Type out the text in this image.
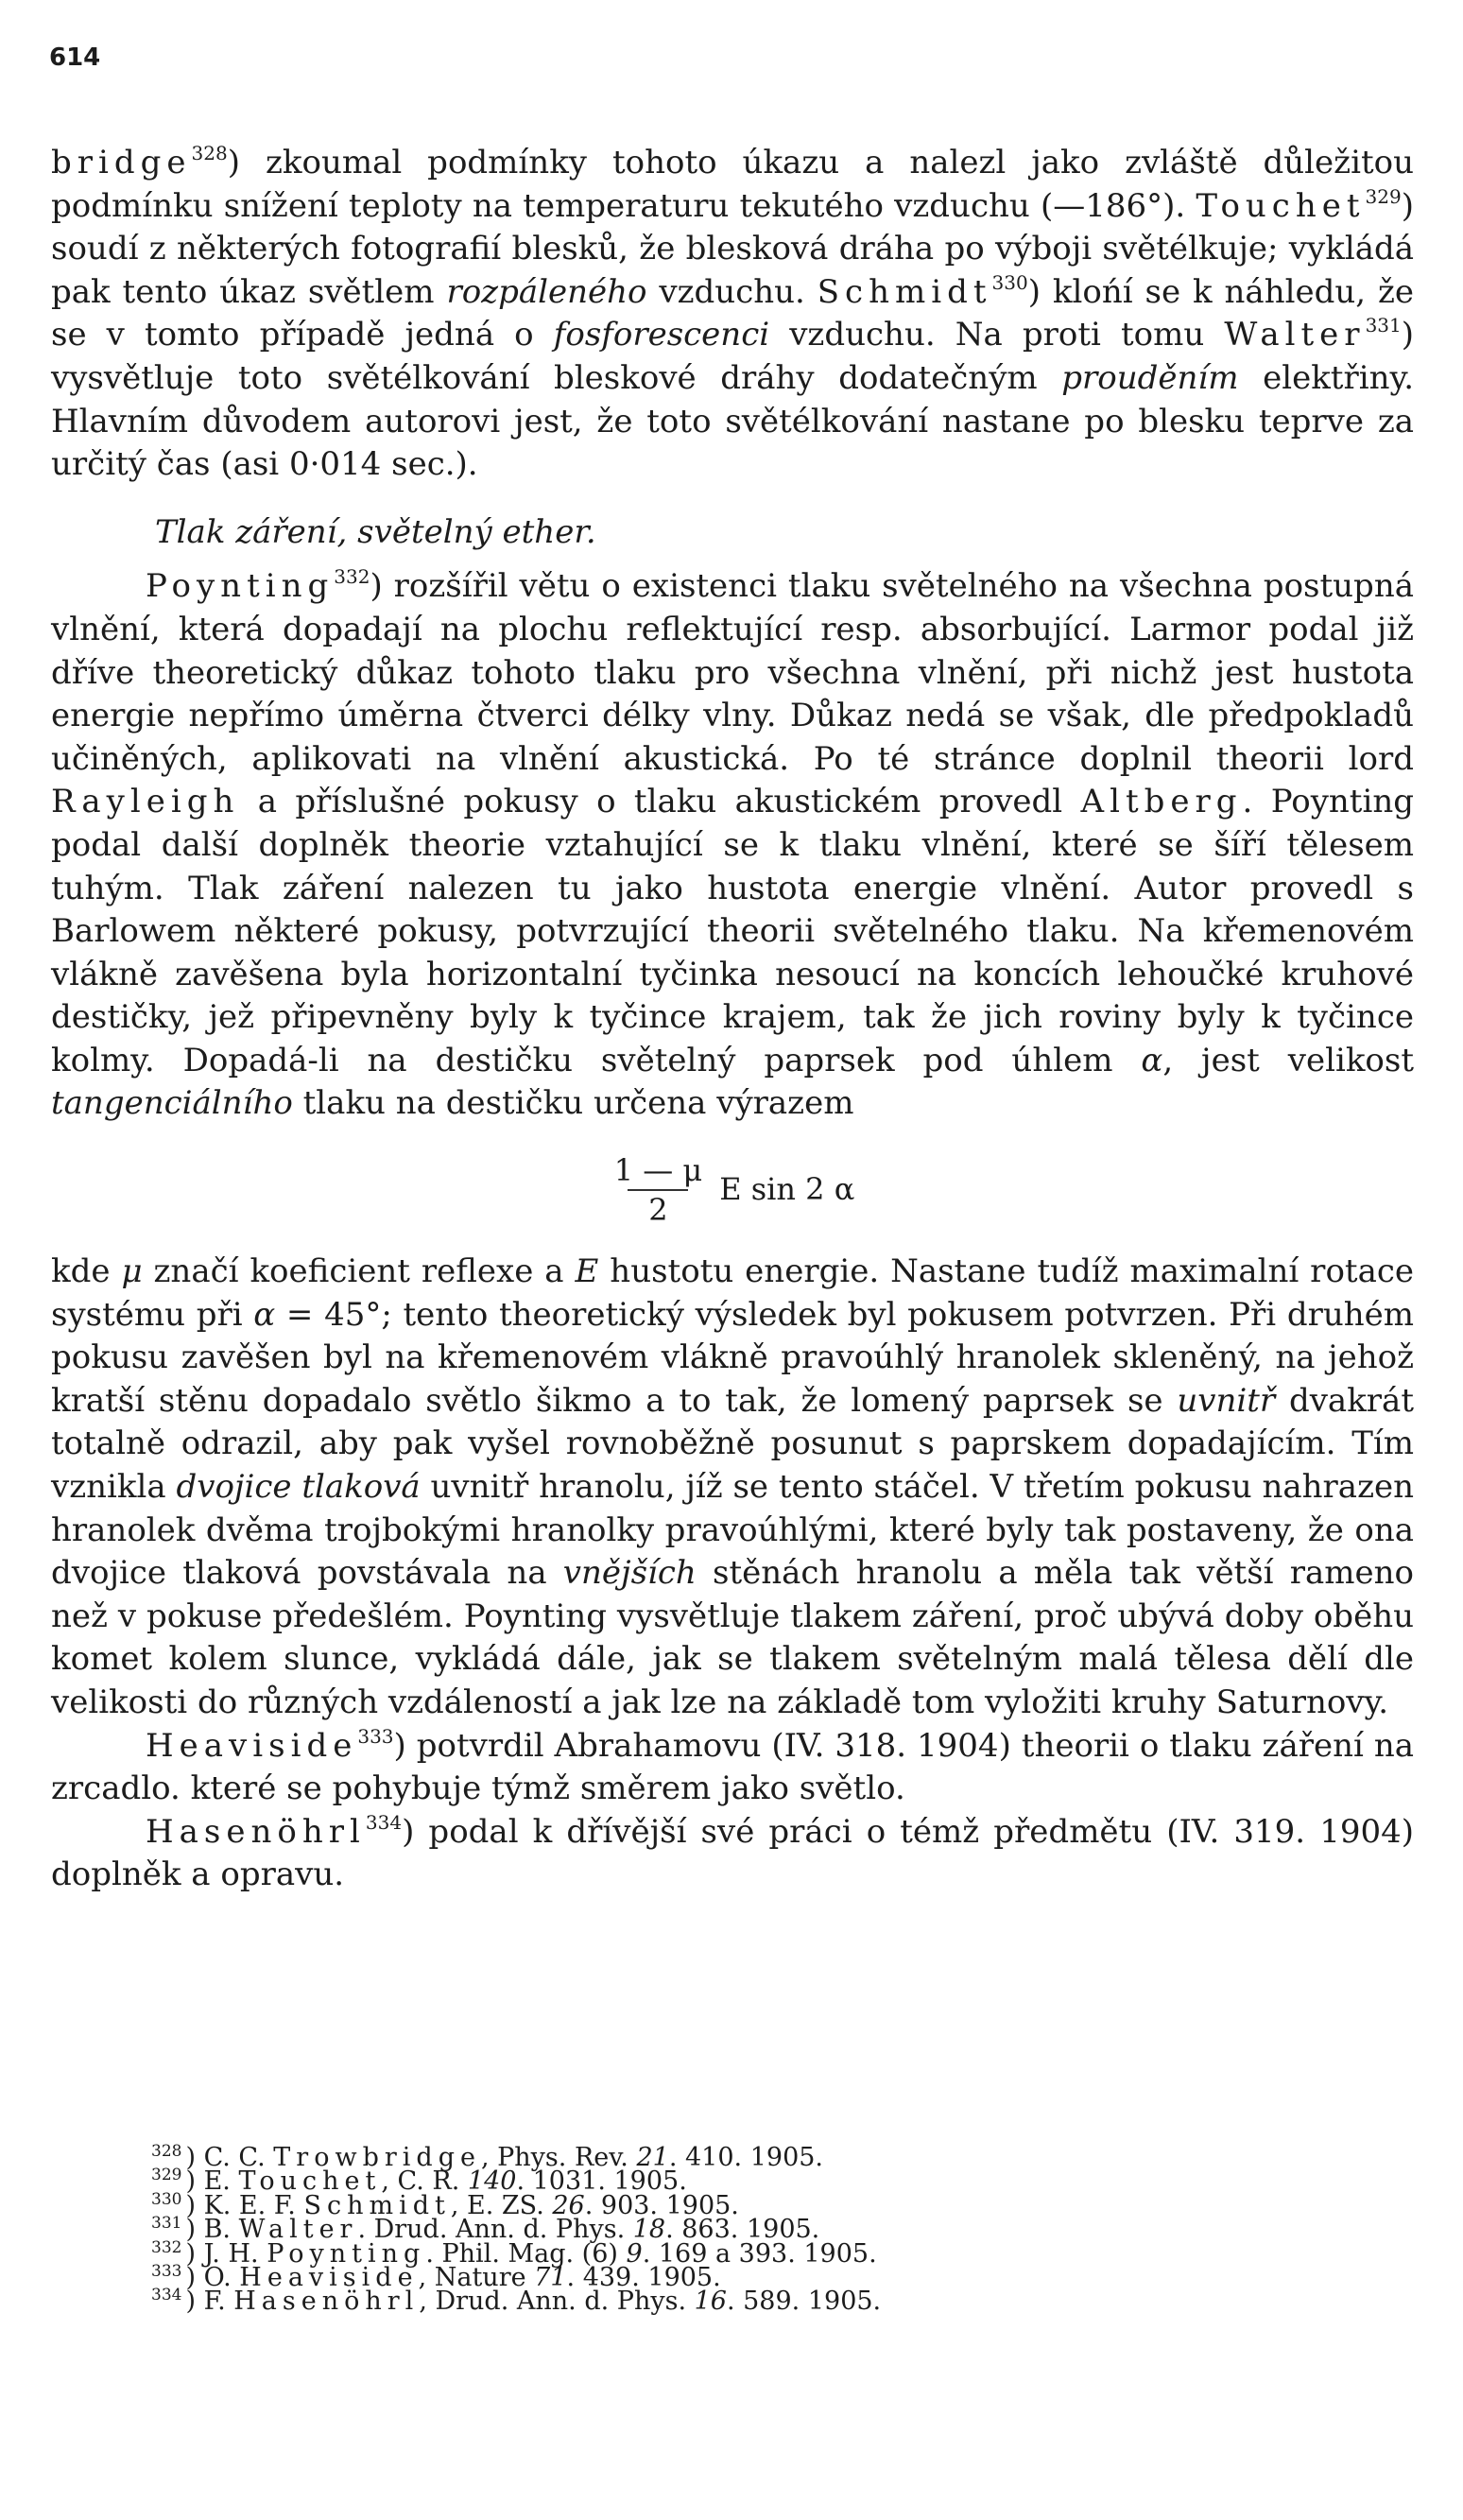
614

bridge$^{328}$) zkoumal podmínky tohoto úkazu a nalezl jako zvláště důležitou podmínku snížení teploty na temperaturu tekutého vzduchu (—186°). Touchet$^{329}$) soudí z některých fotografií blesků, že blesková dráha po výboji světélkuje; vykládá pak tento úkaz světlem rozpáleného vzduchu. Schmidt$^{330}$) klońí se k náhledu, že se v tomto případě jedná o fosforescenci vzduchu. Na proti tomu Walter$^{331}$) vysvětluje toto světélkování bleskové dráhy dodatečným prouděním elektřiny. Hlavním důvodem autorovi jest, že toto světélkování nastane po blesku teprve za určitý čas (asi 0·014 sec.).

Tlak záření, světelný ether.

Poynting$^{332}$) rozšířil větu o existenci tlaku světelného na všechna postupná vlnění, která dopadají na plochu reflektující resp. absorbující. Larmor podal již dříve theoretický důkaz tohoto tlaku pro všechna vlnění, při nichž jest hustota energie nepřímo úměrna čtverci délky vlny. Důkaz nedá se však, dle předpokladů učiněných, aplikovati na vlnění akustická. Po té stránce doplnil theorii lord Rayleigh a příslušné pokusy o tlaku akustickém provedl Altberg. Poynting podal další doplněk theorie vztahující se k tlaku vlnění, které se šíří tělesem tuhým. Tlak záření nalezen tu jako hustota energie vlnění. Autor provedl s Barlowem některé pokusy, potvrzující theorii světelného tlaku. Na křemenovém vlákně zavěšena byla horizontalní tyčinka nesoucí na koncích lehoučké kruhové destičky, jež připevněny byly k tyčince krajem, tak že jich roviny byly k tyčince kolmy. Dopadá-li na destičku světelný paprsek pod úhlem α, jest velikost tangenciálního tlaku na destičku určena výrazem

$\frac{1 — \mu}{2}$ E sin 2 α

kde μ značí koeficient reflexe a E hustotu energie. Nastane tudíž maximalní rotace systému při α = 45°; tento theoretický výsledek byl pokusem potvrzen. Při druhém pokusu zavěšen byl na křemenovém vlákně pravoúhlý hranolek skleněný, na jehož kratší stěnu dopadalo světlo šikmo a to tak, že lomený paprsek se uvnitř dvakrát totalně odrazil, aby pak vyšel rovnoběžně posunut s paprskem dopadajícím. Tím vznikla dvojice tlaková uvnitř hranolu, jíž se tento stáčel. V třetím pokusu nahrazen hranolek dvěma trojbokými hranolky pravoúhlými, které byly tak postaveny, že ona dvojice tlaková povstávala na vnějších stěnách hranolu a měla tak větší rameno než v pokuse předešlém. Poynting vysvětluje tlakem záření, proč ubývá doby oběhu komet kolem slunce, vykládá dále, jak se tlakem světelným malá tělesa dělí dle velikosti do různých vzdáleností a jak lze na základě tom vyložiti kruhy Saturnovy.

Heaviside$^{333}$) potvrdil Abrahamovu (IV. 318. 1904) theorii o tlaku záření na zrcadlo. které se pohybuje týmž směrem jako světlo.

Hasenöhrl$^{334}$) podal k dřívější své práci o témž předmětu (IV. 319. 1904) doplněk a opravu.

$^{328}$ ) C. C. Trowbridge, Phys. Rev. 21. 410. 1905.
$^{329}$ ) E. Touchet, C. R. 140. 1031. 1905.
$^{330}$ ) K. E. F. Schmidt, E. ZS. 26. 903. 1905.
$^{331}$ ) B. Walter. Drud. Ann. d. Phys. 18. 863. 1905.
$^{332}$ ) J. H. Poynting. Phil. Mag. (6) 9. 169 a 393. 1905.
$^{333}$ ) O. Heaviside, Nature 71. 439. 1905.
$^{334}$ ) F. Hasenöhrl, Drud. Ann. d. Phys. 16. 589. 1905.
